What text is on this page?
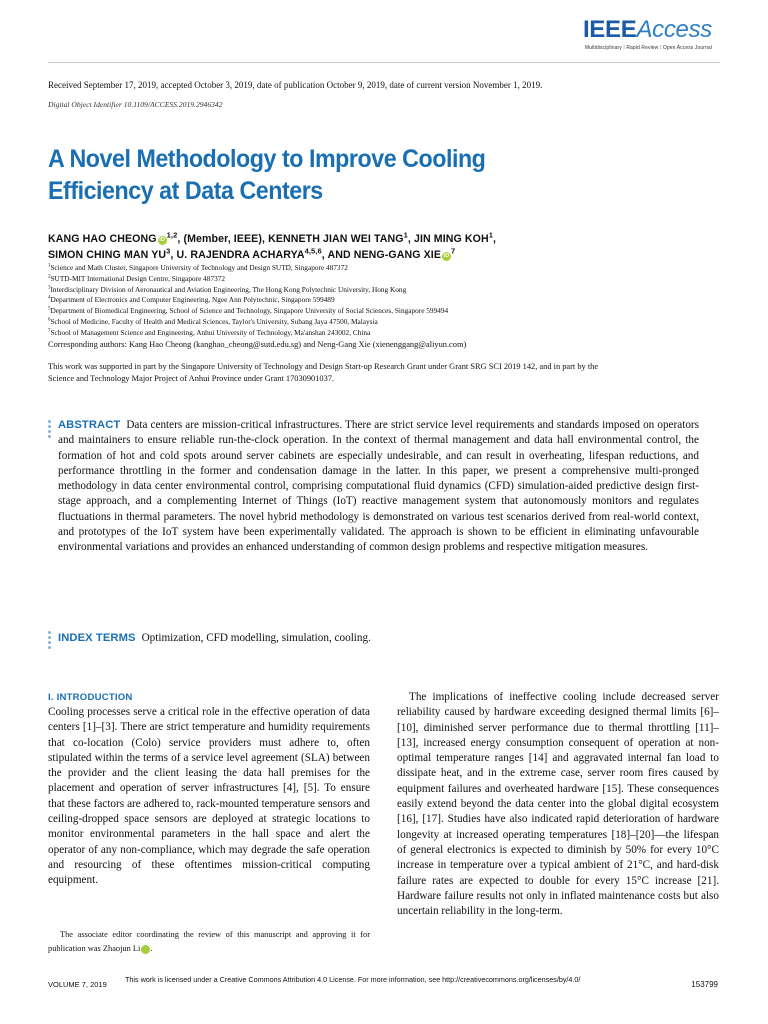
IEEEAccess
Multidisciplinary ⁞ Rapid Review ⁞ Open Access Journal
Received September 17, 2019, accepted October 3, 2019, date of publication October 9, 2019, date of current version November 1, 2019.
Digital Object Identifier 10.1109/ACCESS.2019.2946342
A Novel Methodology to Improve Cooling Efficiency at Data Centers
KANG HAO CHEONG iD$^{1,2}$, (Member, IEEE), KENNETH JIAN WEI TANG$^1$, JIN MING KOH$^1$,
SIMON CHING MAN $YU^3$, U. RAJENDRA ACHARYA$^{4,5,6}$, AND NENG-GANG XIE $iD^7$
$^1$Science and Math Cluster, Singapore University of Technology and Design SUTD, Singapore 487372
$^2$SUTD-MIT International Design Centre, Singapore 487372
$^3$Interdisciplinary Division of Aeronautical and Aviation Engineering, The Hong Kong Polytechnic University, Hong Kong
$^4$Department of Electronics and Computer Engineering, Ngee Ann Polytechnic, Singapore 599489
$^5$Department of Biomedical Engineering, School of Science and Technology, Singapore University of Social Sciences, Singapore 599494
$^6$School of Medicine, Faculty of Health and Medical Sciences, Taylor's University, Subang Jaya 47500, Malaysia
$^7$School of Management Science and Engineering, Anhui University of Technology, Ma'anshan 243002, China
Corresponding authors: Kang Hao Cheong (kanghao_cheong@sutd.edu.sg) and Neng-Gang Xie (xienenggang@aliyun.com)
This work was supported in part by the Singapore University of Technology and Design Start-up Research Grant under Grant SRG SCI 2019 142, and in part by the Science and Technology Major Project of Anhui Province under Grant 17030901037.
ABSTRACT Data centers are mission-critical infrastructures. There are strict service level requirements and standards imposed on operators and maintainers to ensure reliable run-the-clock operation. In the context of thermal management and data hall environmental control, the formation of hot and cold spots around server cabinets are especially undesirable, and can result in overheating, lifespan reductions, and performance throttling in the former and condensation damage in the latter. In this paper, we present a comprehensive multi-pronged methodology in data center environmental control, comprising computational fluid dynamics (CFD) simulation-aided predictive design first-stage approach, and a complementing Internet of Things (IoT) reactive management system that autonomously monitors and regulates fluctuations in thermal parameters. The novel hybrid methodology is demonstrated on various test scenarios derived from real-world context, and prototypes of the IoT system have been experimentally validated. The approach is shown to be efficient in eliminating unfavourable environmental variations and provides an enhanced understanding of common design problems and respective mitigation measures.
INDEX TERMS Optimization, CFD modelling, simulation, cooling.
I. INTRODUCTION

Cooling processes serve a critical role in the effective operation of data centers [1]–[3]. There are strict temperature and humidity requirements that co-location (Colo) service providers must adhere to, often stipulated within the terms of a service level agreement (SLA) between the provider and the client leasing the data hall premises for the placement and operation of server infrastructures [4], [5]. To ensure that these factors are adhered to, rack-mounted temperature sensors and ceiling-dropped space sensors are deployed at strategic locations to monitor environmental parameters in the hall space and alert the operator of any non-compliance, which may degrade the safe operation and resourcing of these oftentimes mission-critical computing equipment.

The associate editor coordinating the review of this manuscript and approving it for publication was Zhaojun Li iD.

The implications of ineffective cooling include decreased server reliability caused by hardware exceeding designed thermal limits [6]–[10], diminished server performance due to thermal throttling [11]–[13], increased energy consumption consequent of operation at non-optimal temperature ranges [14] and aggravated internal fan load to dissipate heat, and in the extreme case, server room fires caused by equipment failures and overheated hardware [15]. These consequences easily extend beyond the data center into the global digital ecosystem [16], [17]. Studies have also indicated rapid deterioration of hardware longevity at increased operating temperatures [18]–[20]—the lifespan of general electronics is expected to diminish by 50% for every 10°C increase in temperature over a typical ambient of 21°C, and hard-disk failure rates are expected to double for every 15°C increase [21]. Hardware failure results not only in inflated maintenance costs but also uncertain reliability in the long-term.

VOLUME 7, 2019
This work is licensed under a Creative Commons Attribution 4.0 License. For more information, see http://creativecommons.org/licenses/by/4.0/
153799
